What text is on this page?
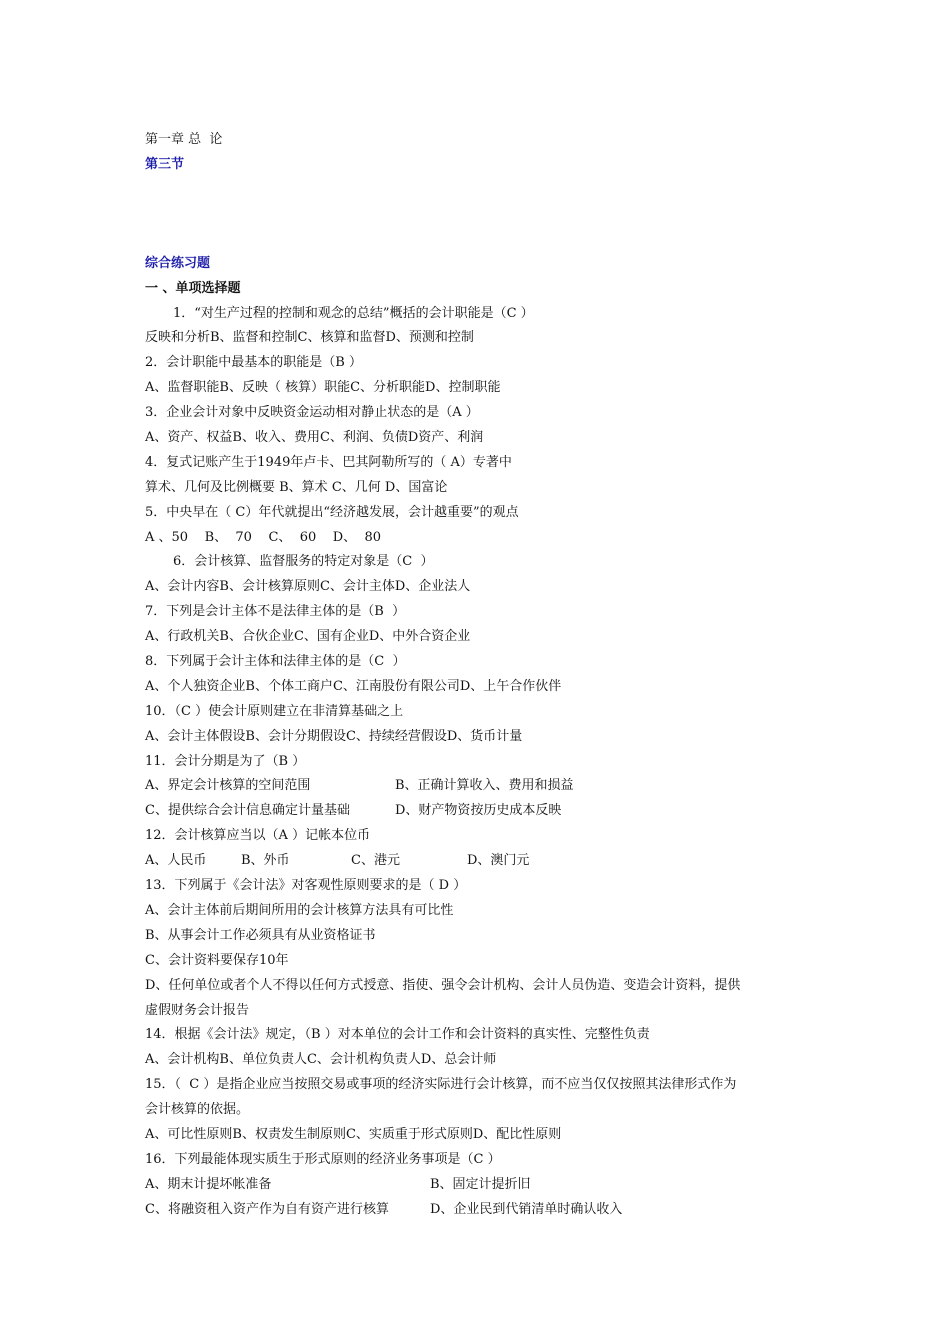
第一章 总  论
第三节
综合练习题
一 、单项选择题
1．“对生产过程的控制和观念的总结”概括的会计职能是（C ）
反映和分析B、监督和控制C、核算和监督D、预测和控制
2．会计职能中最基本的职能是（B ）
A、监督职能B、反映（ 核算）职能C、分析职能D、控制职能
3．企业会计对象中反映资金运动相对静止状态的是（A ）
A、资产、权益B、收入、费用C、利润、负债D资产、利润
4．复式记账产生于1949年卢卡、巴其阿勒所写的（ A）专著中
算术、几何及比例概要 B、算术 C、几何 D、国富论
5．中央早在（ C）年代就提出“经济越发展，会计越重要”的观点
A 、50    B、  70    C、  60    D、  80
6．会计核算、监督服务的特定对象是（C  ）
A、会计内容B、会计核算原则C、会计主体D、企业法人
7．下列是会计主体不是法律主体的是（B  ）
A、行政机关B、合伙企业C、国有企业D、中外合资企业
8．下列属于会计主体和法律主体的是（C  ）
A、个人独资企业B、个体工商户C、江南股份有限公司D、上午合作伙伴
10．（C ）使会计原则建立在非清算基础之上
A、会计主体假设B、会计分期假设C、持续经营假设D、货币计量
11．会计分期是为了（B ）
A、界定会计核算的空间范围	B、正确计算收入、费用和损益
C、提供综合会计信息确定计量基础	D、财产物资按历史成本反映
12．会计核算应当以（A ）记帐本位币
A、人民币	B、外币	C、港元	D、澳门元
13．下列属于《会计法》对客观性原则要求的是（ D ）
A、会计主体前后期间所用的会计核算方法具有可比性
B、从事会计工作必须具有从业资格证书
C、会计资料要保存10年
D、任何单位或者个人不得以任何方式授意、指使、强令会计机构、会计人员伪造、变造会计资料，提供
虚假财务会计报告
14．根据《会计法》规定，（B ）对本单位的会计工作和会计资料的真实性、完整性负责
A、会计机构B、单位负责人C、会计机构负责人D、总会计师
15．（  C ）是指企业应当按照交易或事项的经济实际进行会计核算，而不应当仅仅按照其法律形式作为
会计核算的依据。
A、可比性原则B、权责发生制原则C、实质重于形式原则D、配比性原则
16．下列最能体现实质生于形式原则的经济业务事项是（C ）
A、期末计提坏帐准备	B、固定计提折旧
C、将融资租入资产作为自有资产进行核算	D、企业民到代销清单时确认收入
